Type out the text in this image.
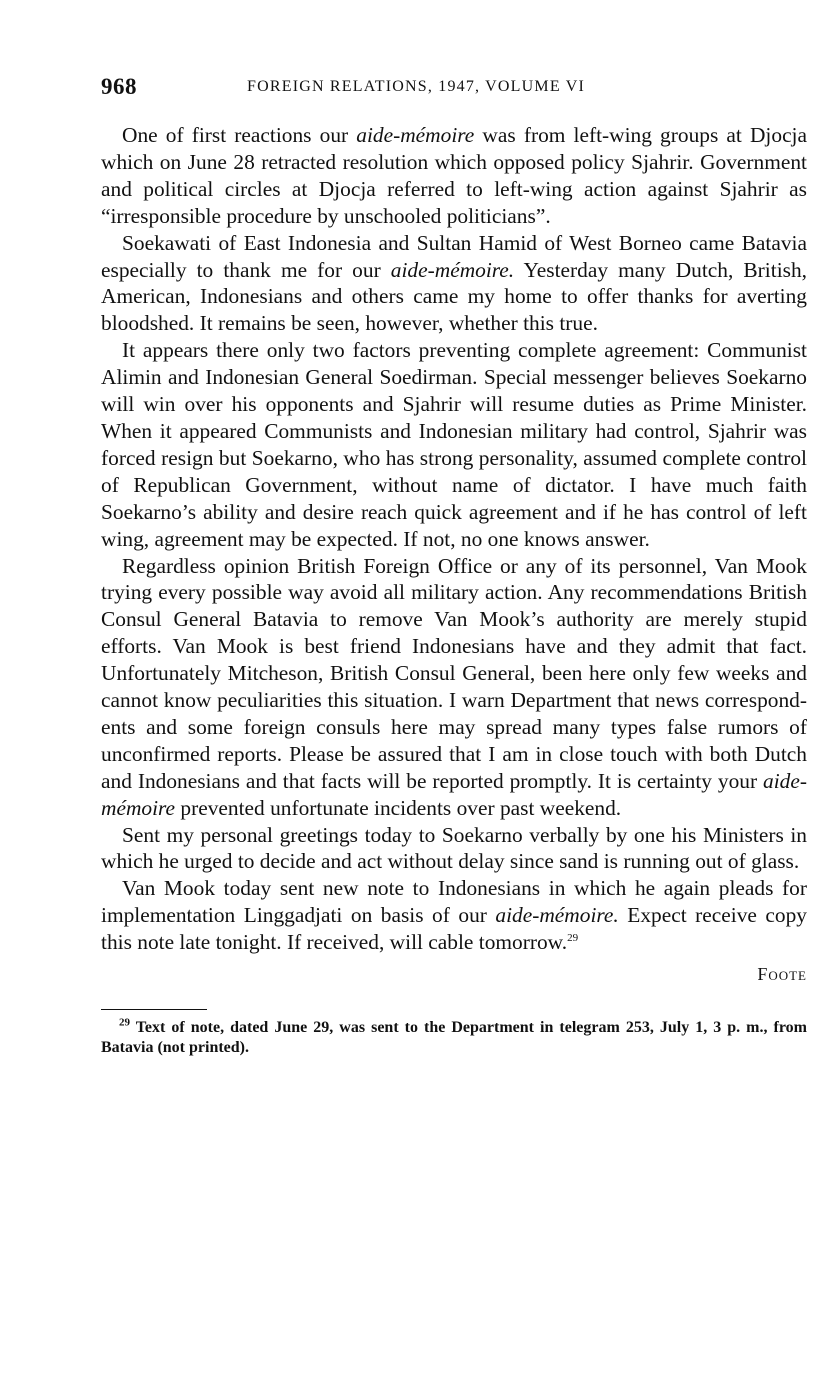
968	FOREIGN RELATIONS, 1947, VOLUME VI

One of first reactions our aide-mémoire was from left-wing groups at Djocja which on June 28 retracted resolution which opposed policy Sjahrir. Government and political circles at Djocja referred to left-wing action against Sjahrir as “irresponsible procedure by unschooled politicians”.

Soekawati of East Indonesia and Sultan Hamid of West Borneo came Batavia especially to thank me for our aide-mémoire. Yesterday many Dutch, British, American, Indonesians and others came my home to offer thanks for averting bloodshed. It remains be seen, however, whether this true.

It appears there only two factors preventing complete agreement: Communist Alimin and Indonesian General Soedirman. Special messenger believes Soekarno will win over his opponents and Sjahrir will resume duties as Prime Minister. When it appeared Communists and Indonesian military had control, Sjahrir was forced resign but Soekarno, who has strong personality, assumed complete control of Republican Government, without name of dictator. I have much faith Soekarno’s ability and desire reach quick agreement and if he has control of left wing, agreement may be expected. If not, no one knows answer.

Regardless opinion British Foreign Office or any of its personnel, Van Mook trying every possible way avoid all military action. Any recommendations British Consul General Batavia to remove Van Mook’s authority are merely stupid efforts. Van Mook is best friend Indonesians have and they admit that fact. Unfortunately Mitcheson, British Consul General, been here only few weeks and cannot know peculiarities this situation. I warn Department that news correspondents and some foreign consuls here may spread many types false rumors of unconfirmed reports. Please be assured that I am in close touch with both Dutch and Indonesians and that facts will be reported promptly. It is certainty your aide-mémoire prevented unfortunate incidents over past weekend.

Sent my personal greetings today to Soekarno verbally by one his Ministers in which he urged to decide and act without delay since sand is running out of glass.

Van Mook today sent new note to Indonesians in which he again pleads for implementation Linggadjati on basis of our aide-mémoire. Expect receive copy this note late tonight. If received, will cable tomorrow.$^{29}$

Foote

$^{29}$ Text of note, dated June 29, was sent to the Department in telegram 253, July 1, 3 p. m., from Batavia (not printed).
